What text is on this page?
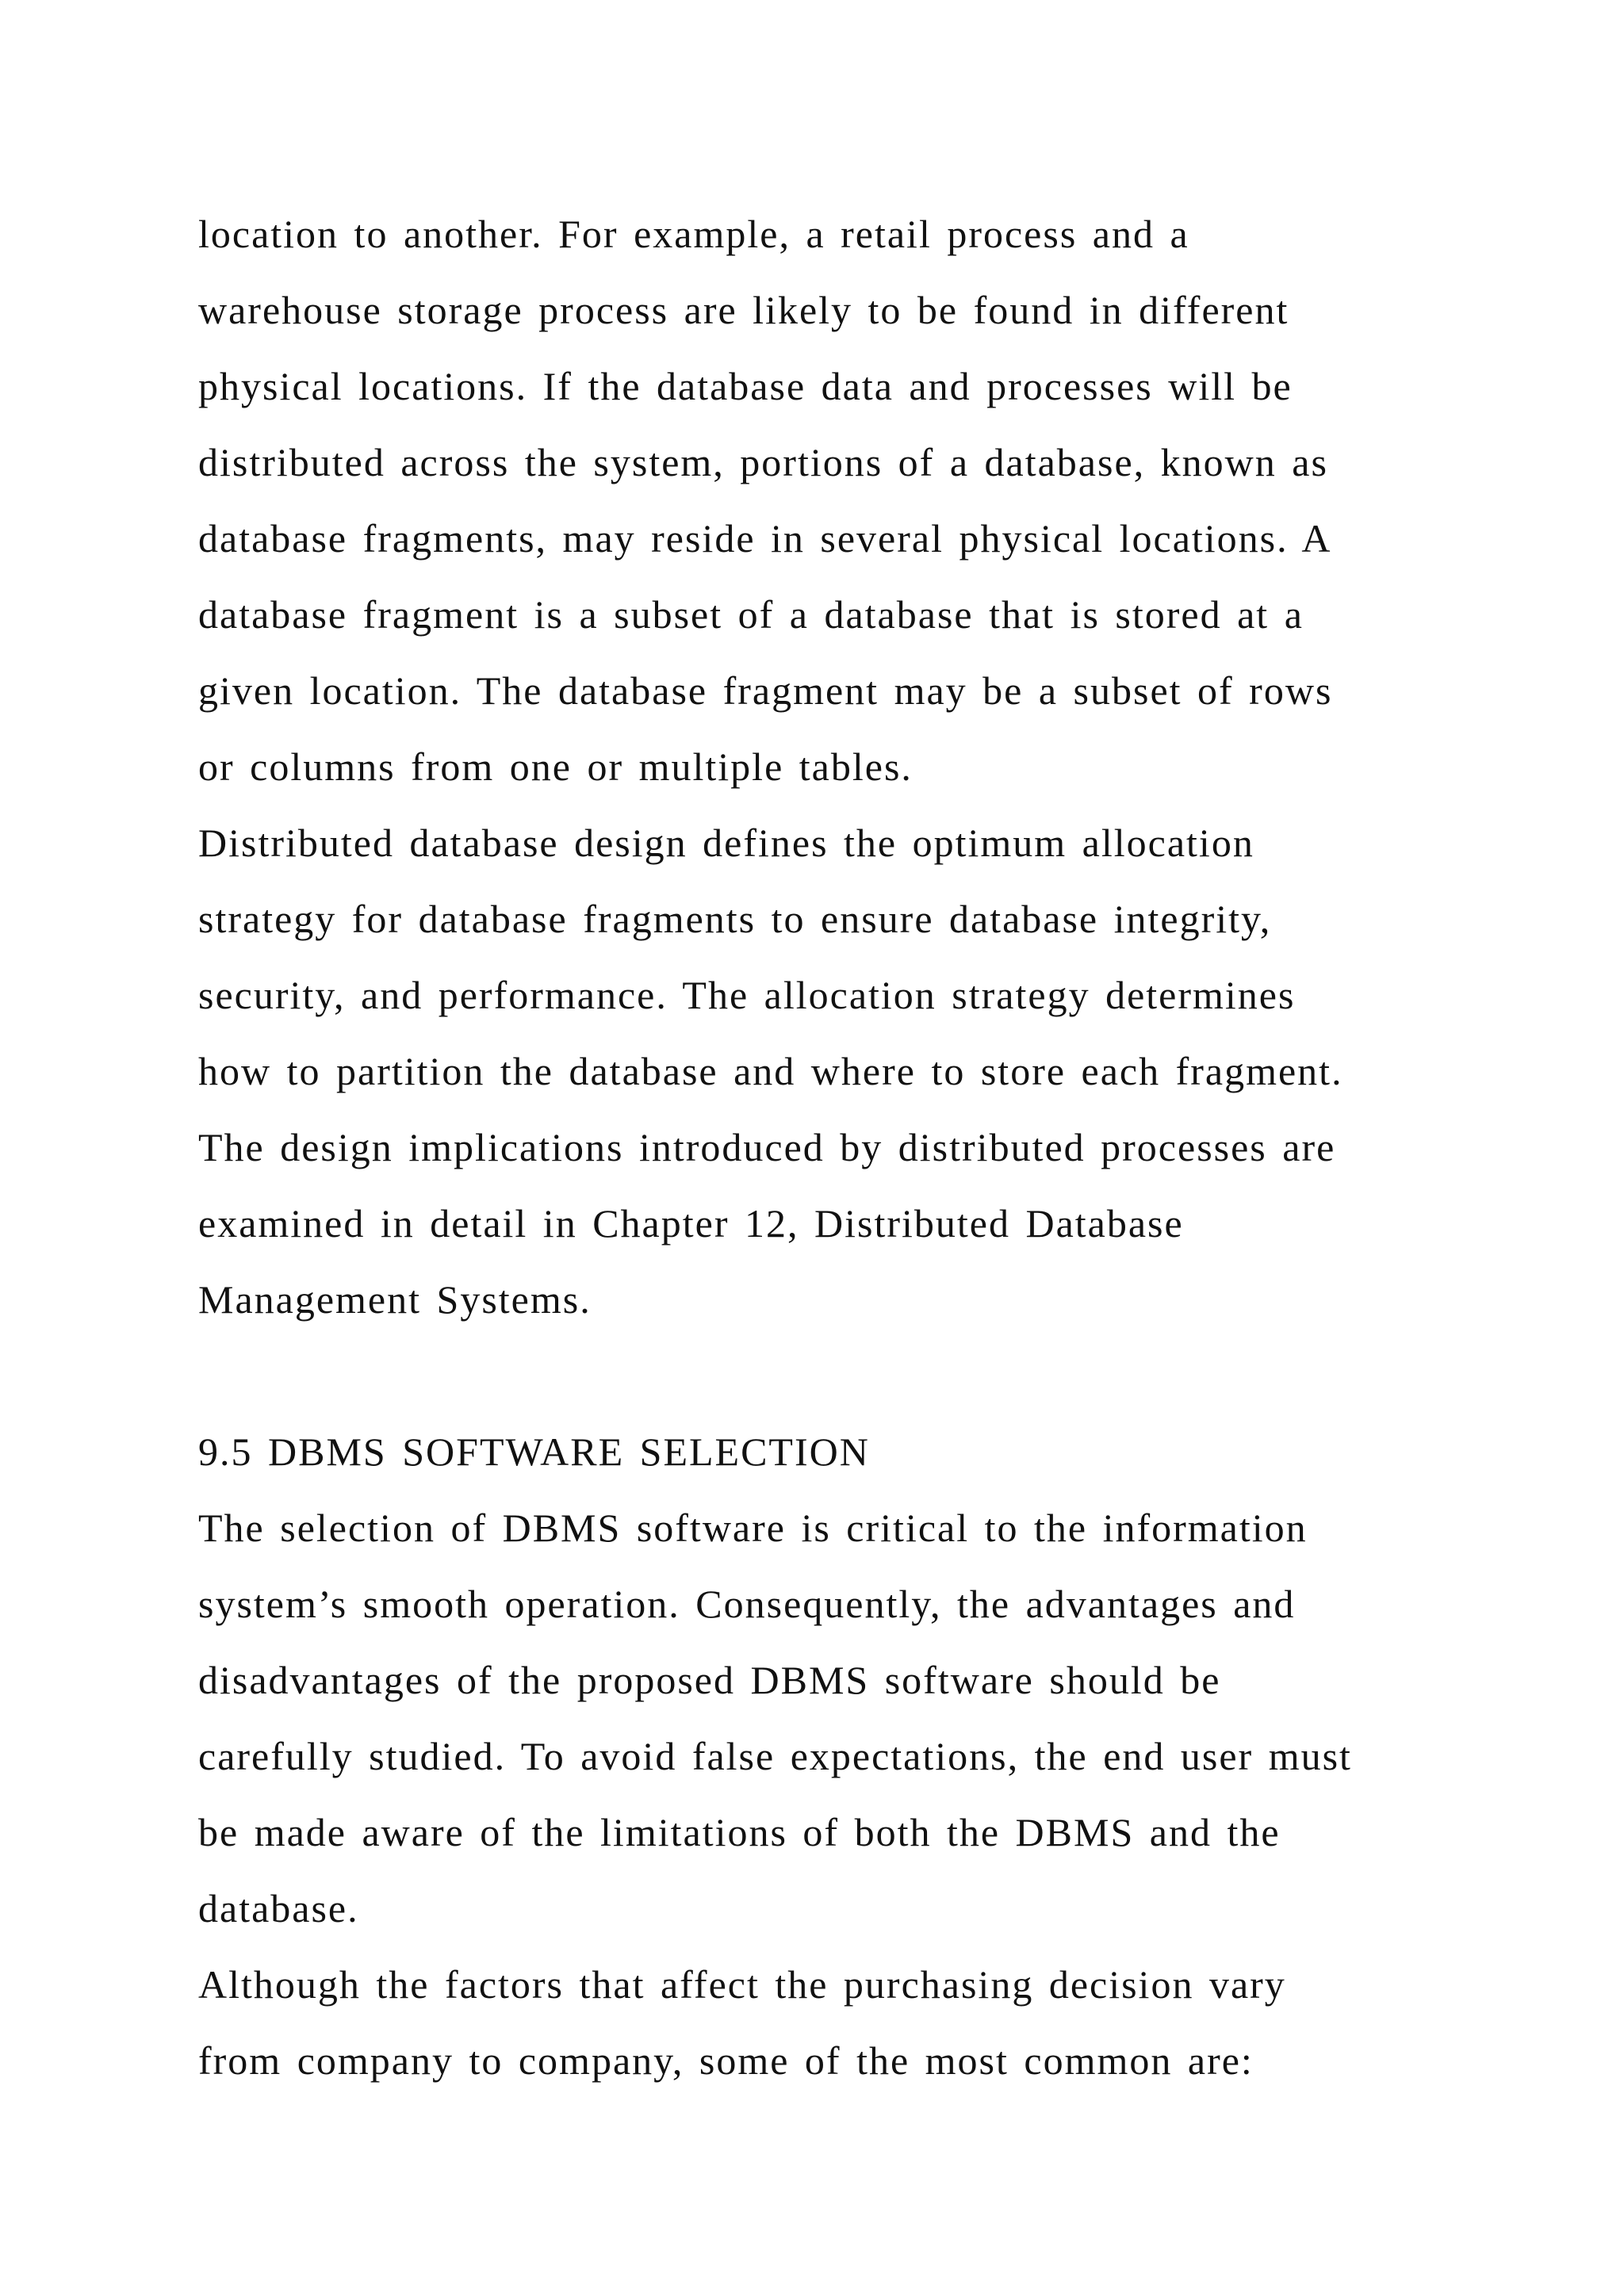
location to another. For example, a retail process and a
warehouse storage process are likely to be found in different
physical locations. If the database data and processes will be
distributed across the system, portions of a database, known as
database fragments, may reside in several physical locations. A
database fragment is a subset of a database that is stored at a
given location. The database fragment may be a subset of rows
or columns from one or multiple tables.
Distributed database design defines the optimum allocation
strategy for database fragments to ensure database integrity,
security, and performance. The allocation strategy determines
how to partition the database and where to store each fragment.
The design implications introduced by distributed processes are
examined in detail in Chapter 12, Distributed Database
Management Systems.
9.5 DBMS SOFTWARE SELECTION
The selection of DBMS software is critical to the information
system’s smooth operation. Consequently, the advantages and
disadvantages of the proposed DBMS software should be
carefully studied. To avoid false expectations, the end user must
be made aware of the limitations of both the DBMS and the
database.
Although the factors that affect the purchasing decision vary
from company to company, some of the most common are:
